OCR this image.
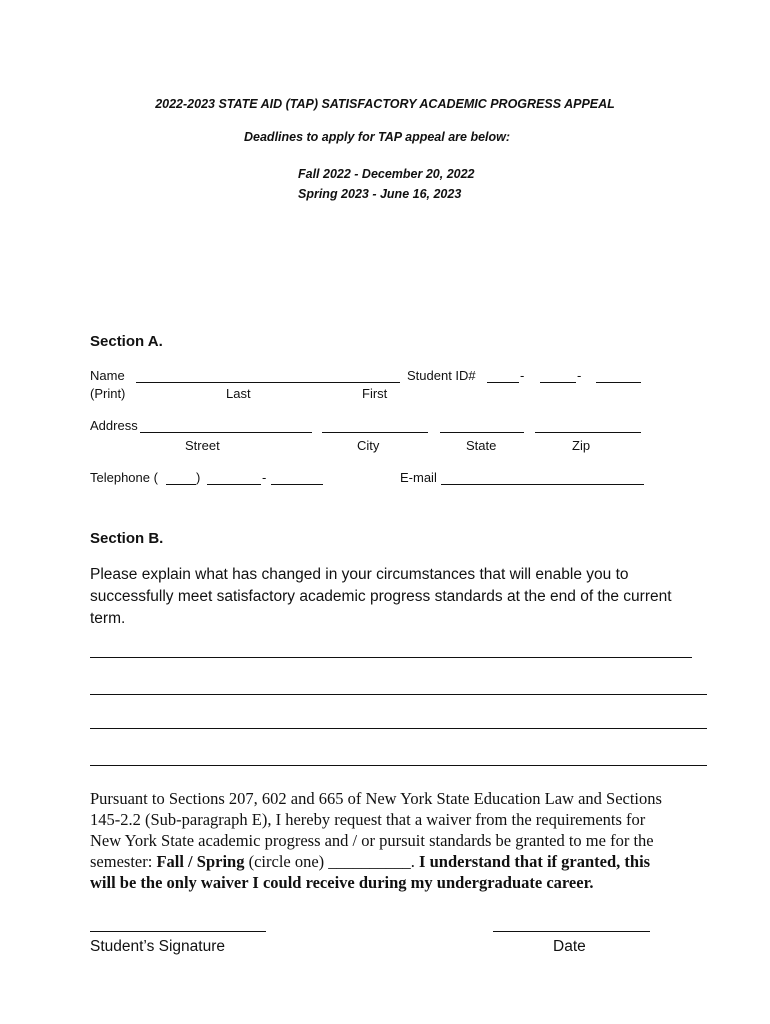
2022-2023 STATE AID (TAP) SATISFACTORY ACADEMIC PROGRESS APPEAL
Deadlines to apply for TAP appeal are below:
Fall 2022 - December 20, 2022
Spring 2023 - June 16, 2023
Section A.
Name	Student ID#	-	-
(Print)	Last	First
Address
Street	City	State	Zip
Telephone (	)	-	E-mail
Section B.
Please explain what has changed in your circumstances that will enable you to
successfully meet satisfactory academic progress standards at the end of the current
term.
Pursuant to Sections 207, 602 and 665 of New York State Education Law and Sections
145-2.2 (Sub-paragraph E), I hereby request that a waiver from the requirements for
New York State academic progress and / or pursuit standards be granted to me for the
semester: Fall / Spring (circle one) __________. I understand that if granted, this
will be the only waiver I could receive during my undergraduate career.
Student’s Signature	Date
